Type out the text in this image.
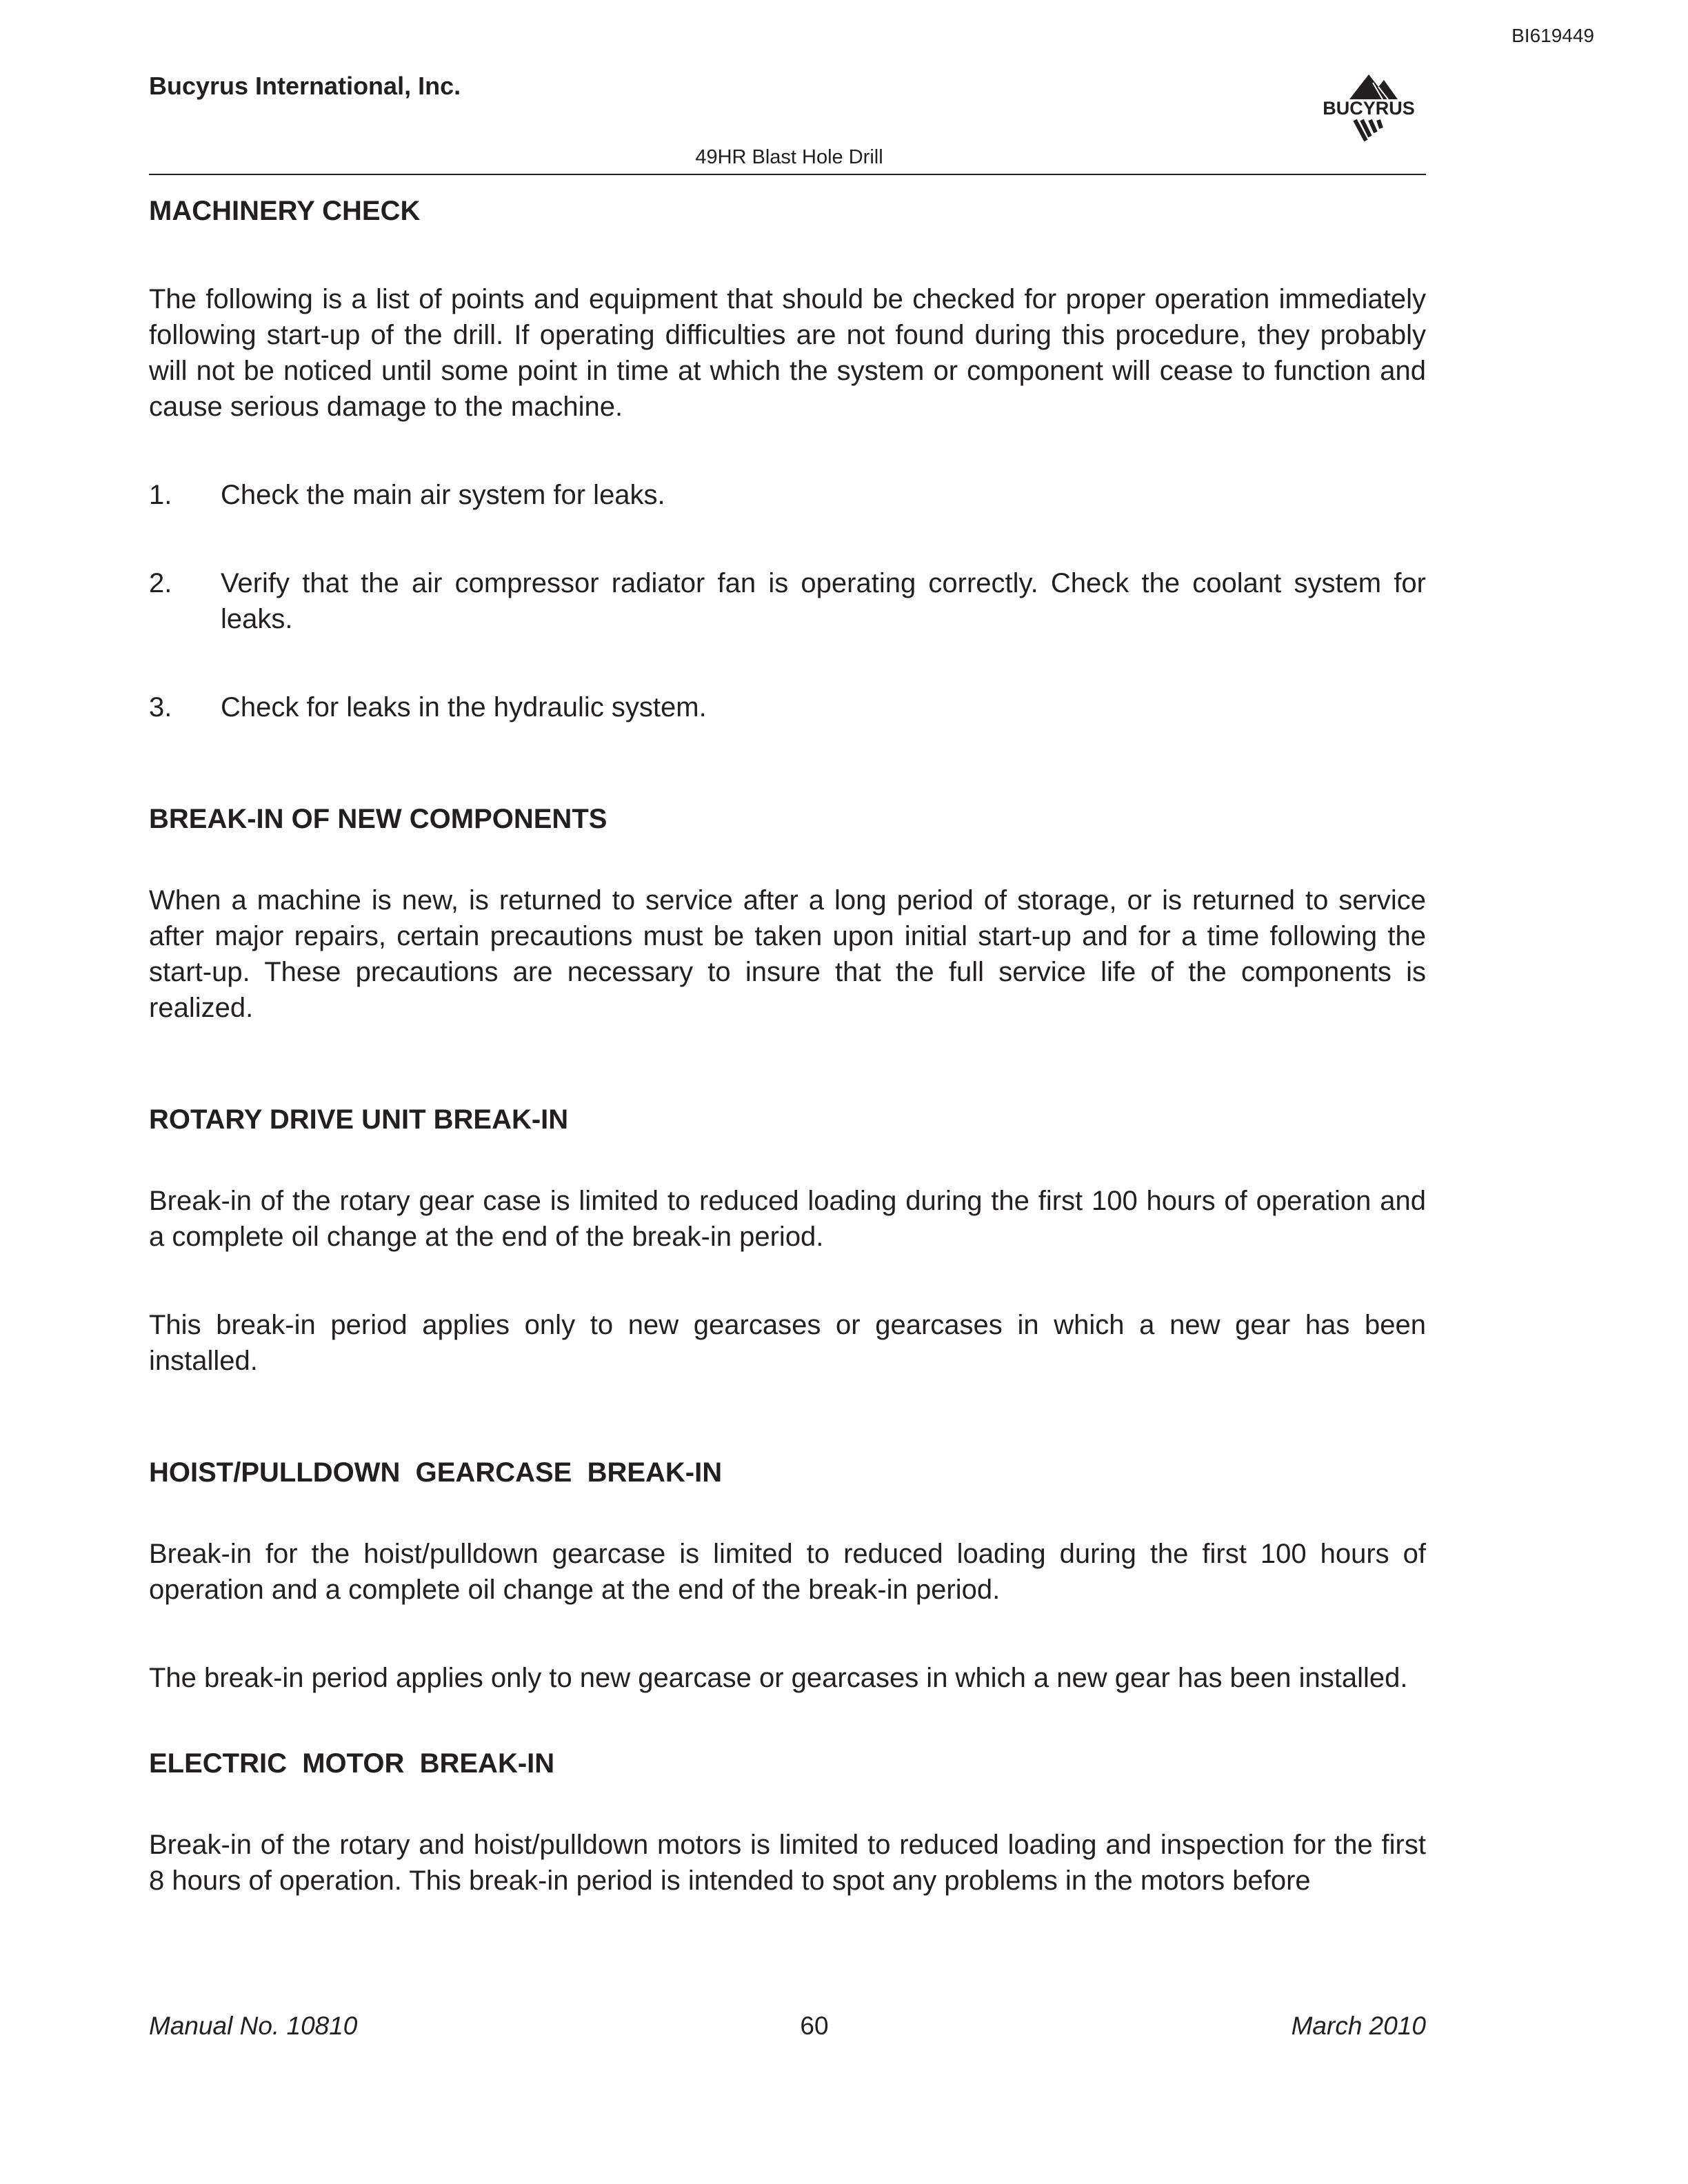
BI619449
Bucyrus International, Inc.
BUCYRUS
49HR Blast Hole Drill
MACHINERY CHECK

The following is a list of points and equipment that should be checked for proper operation immediately following start-up of the drill. If operating difficulties are not found during this procedure, they probably will not be noticed until some point in time at which the system or component will cease to function and cause serious damage to the machine.

1. Check the main air system for leaks.

2. Verify that the air compressor radiator fan is operating correctly. Check the coolant system for leaks.

3. Check for leaks in the hydraulic system.

BREAK-IN OF NEW COMPONENTS

When a machine is new, is returned to service after a long period of storage, or is returned to service after major repairs, certain precautions must be taken upon initial start-up and for a time following the start-up. These precautions are necessary to insure that the full service life of the components is realized.

ROTARY DRIVE UNIT BREAK-IN

Break-in of the rotary gear case is limited to reduced loading during the first 100 hours of operation and a complete oil change at the end of the break-in period.

This break-in period applies only to new gearcases or gearcases in which a new gear has been installed.

HOIST/PULLDOWN  GEARCASE  BREAK-IN

Break-in for the hoist/pulldown gearcase is limited to reduced loading during the first 100 hours of operation and a complete oil change at the end of the break-in period.

The break-in period applies only to new gearcase or gearcases in which a new gear has been installed.

ELECTRIC  MOTOR  BREAK-IN

Break-in of the rotary and hoist/pulldown motors is limited to reduced loading and inspection for the first 8 hours of operation. This break-in period is intended to spot any problems in the motors before

Manual No. 10810	60	March 2010
